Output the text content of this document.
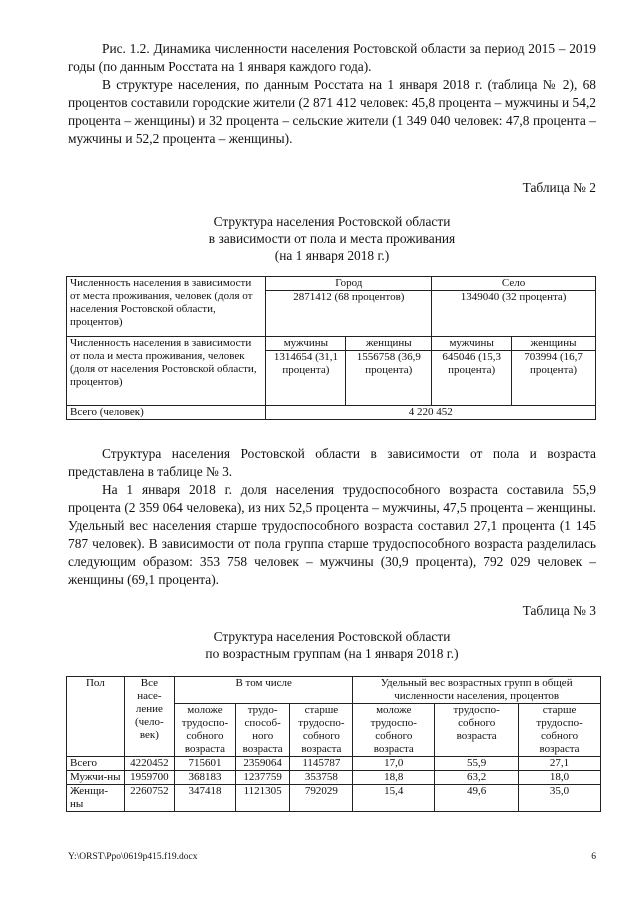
Рис. 1.2. Динамика численности населения Ростовской области за период 2015 – 2019 годы (по данным Росстата на 1 января каждого года).

В структуре населения, по данным Росстата на 1 января 2018 г. (таблица № 2), 68 процентов составили городские жители (2 871 412 человек: 45,8 процента – мужчины и 54,2 процента – женщины) и 32 процента – сельские жители (1 349 040 человек: 47,8 процента – мужчины и 52,2 процента – женщины).

Таблица № 2
Структура населения Ростовской области
в зависимости от пола и места проживания
(на 1 января 2018 г.)
Численность населения в зависимости от места проживания, человек (доля от населения Ростовской области, процентов)	Город		Село	
	2871412 (68 процентов)		1349040 (32 процента)	
Численность населения в зависимости от пола и места проживания, человек (доля от населения Ростовской области, процентов)	мужчины	женщины	мужчины	женщины
	1314654 (31,1 процента)	1556758 (36,9 процента)	645046 (15,3 процента)	703994 (16,7 процента)
Всего (человек)	4 220 452			

Структура населения Ростовской области в зависимости от пола и возраста представлена в таблице № 3.

На 1 января 2018 г. доля населения трудоспособного возраста составила 55,9 процента (2 359 064 человека), из них 52,5 процента – мужчины, 47,5 процента – женщины. Удельный вес населения старше трудоспособного возраста составил 27,1 процента (1 145 787 человек). В зависимости от пола группа старше трудоспособного возраста разделилась следующим образом: 353 758 человек – мужчины (30,9 процента), 792 029 человек – женщины (69,1 процента).

Таблица № 3
Структура населения Ростовской области
по возрастным группам (на 1 января 2018 г.)
Пол	Все насе-ление (чело-век)	В том числе			Удельный вес возрастных групп в общей численности населения, процентов		
		моложе трудоспо-собного возраста	трудо-способ-ного возраста	старше трудоспо-собного возраста	моложе трудоспо-собного возраста	трудоспо-собного возраста	старше трудоспо-собного возраста
Всего	4220452	715601	2359064	1145787	17,0	55,9	27,1
Мужчи-ны	1959700	368183	1237759	353758	18,8	63,2	18,0
Женщи-ны	2260752	347418	1121305	792029	15,4	49,6	35,0
Y:\ORST\Ppo\0619p415.f19.docx	6
